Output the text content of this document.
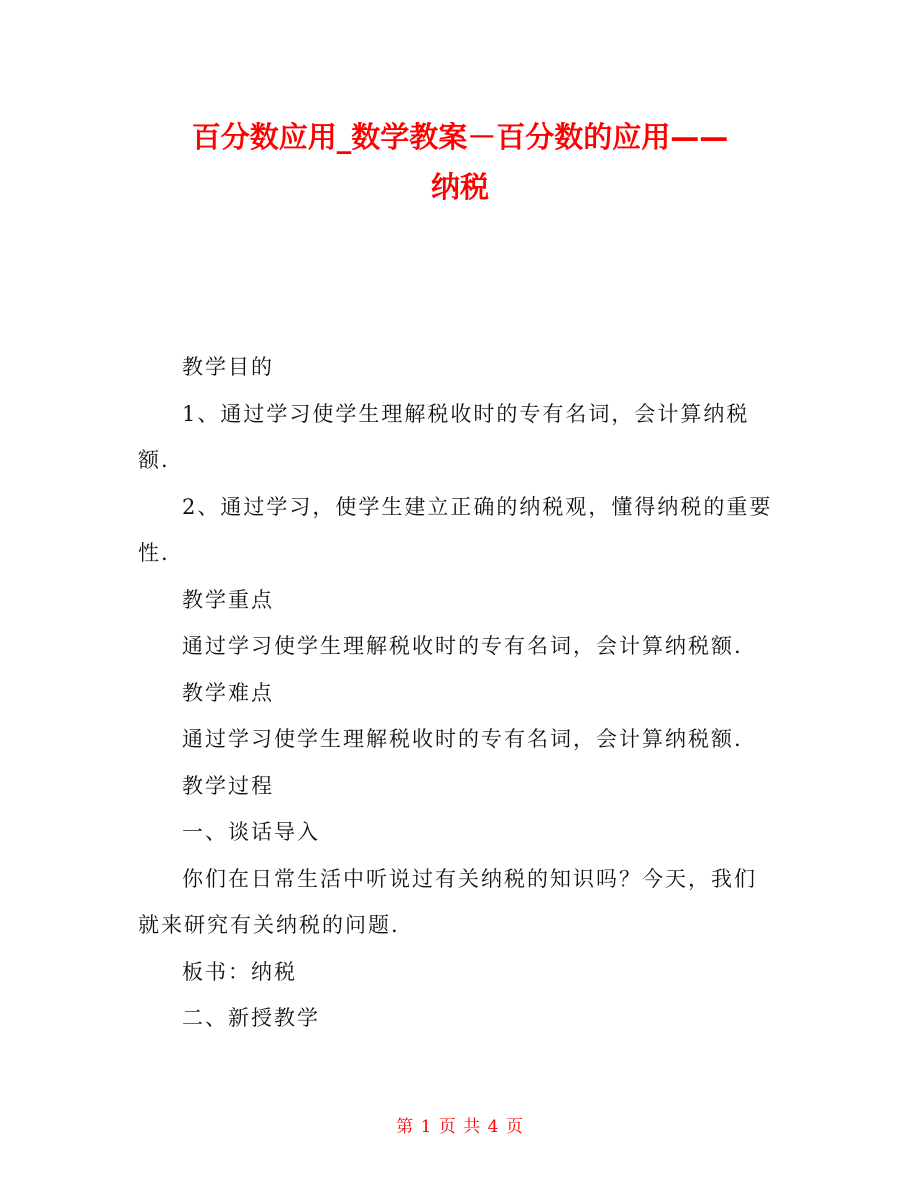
百分数应用_数学教案－百分数的应用——
纳税

教学目的

1、通过学习使学生理解税收时的专有名词，会计算纳税额.

2、通过学习，使学生建立正确的纳税观，懂得纳税的重要性.

教学重点

通过学习使学生理解税收时的专有名词，会计算纳税额.

教学难点

通过学习使学生理解税收时的专有名词，会计算纳税额.

教学过程

一、谈话导入

你们在日常生活中听说过有关纳税的知识吗？今天，我们就来研究有关纳税的问题.

板书：纳税

二、新授教学

第 1 页 共 4 页
